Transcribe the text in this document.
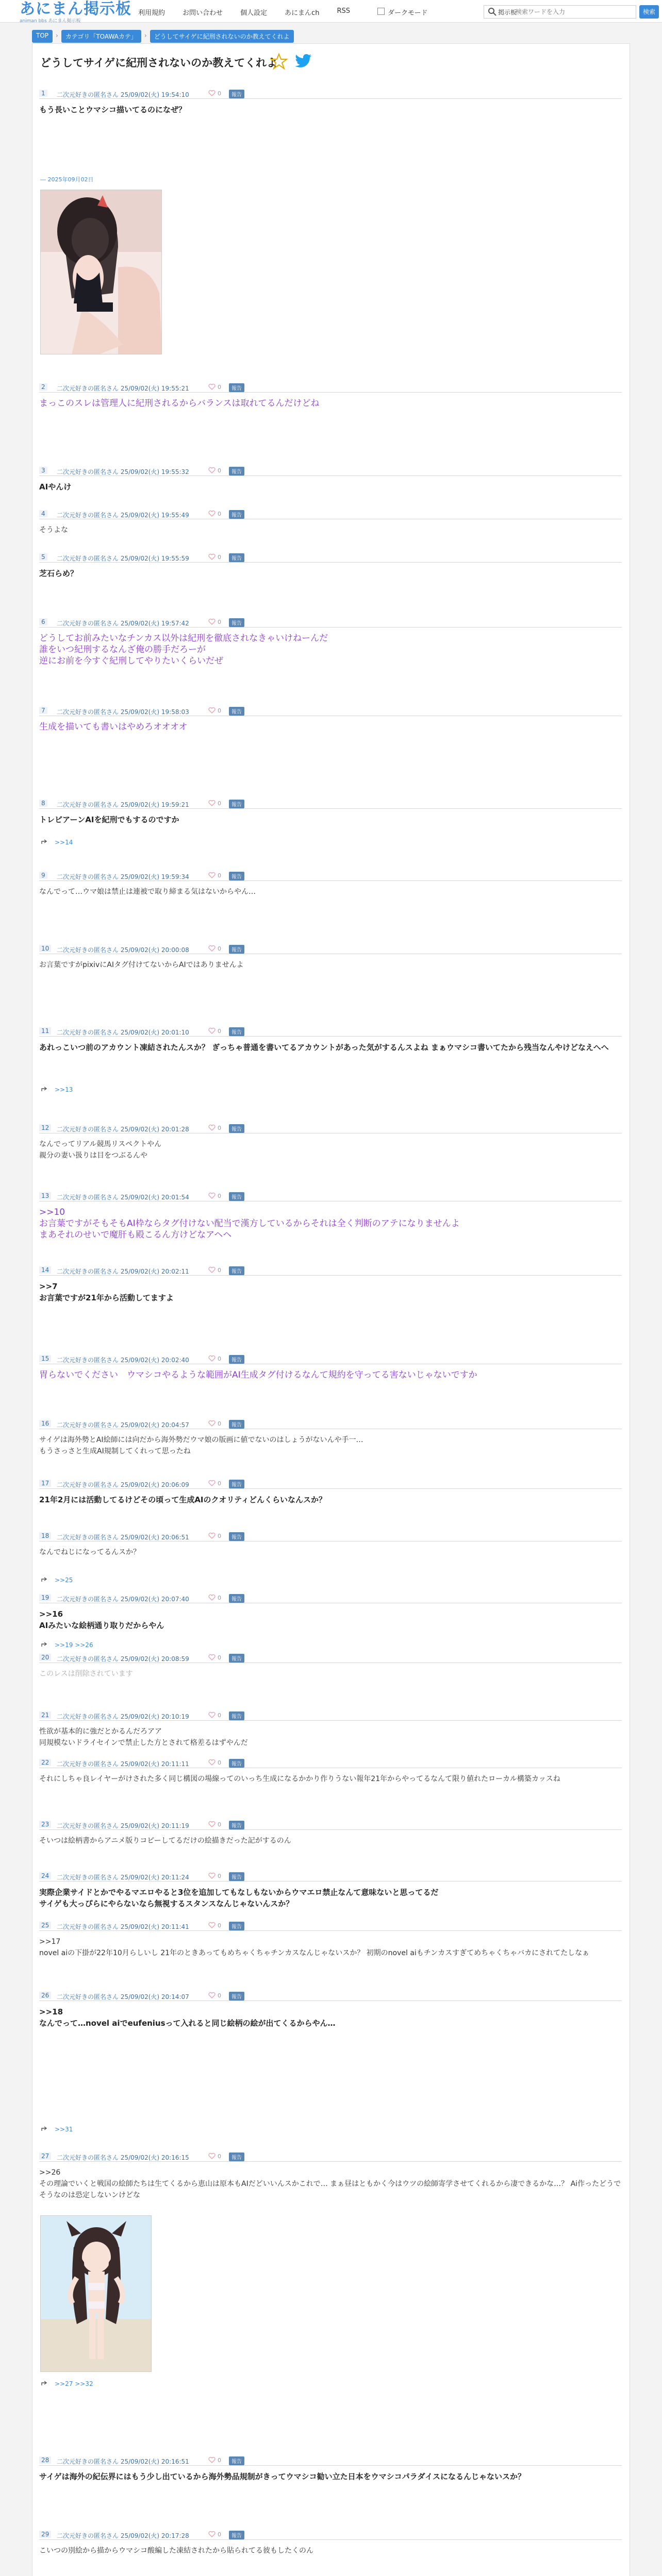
あにまん掲示板
animan bbs あにまん掲示板
利用規約	お問い合わせ	個人設定	あにまんch	RSS	ダークモード	掲示板
検索ワードを入力	検索
TOP	›	カテゴリ「TOAWAカテ」	›	どうしてサイゲに紀刑されないのか教えてくれよ
どうしてサイゲに紀刑されないのか教えてくれよ
1	二次元好きの匿名さん 25/09/02(火) 19:54:10	0	報告
もう長いことウマシコ描いてるのになぜ？
― 2025年09月02日
2	二次元好きの匿名さん 25/09/02(火) 19:55:21	0	報告
まっこのスレは管理人に紀刑されるからバランスは取れてるんだけどね
3	二次元好きの匿名さん 25/09/02(火) 19:55:32	0	報告
AIやんけ
4	二次元好きの匿名さん 25/09/02(火) 19:55:49	0	報告
そうよな
5	二次元好きの匿名さん 25/09/02(火) 19:55:59	0	報告
芝石らめ？
6	二次元好きの匿名さん 25/09/02(火) 19:57:42	0	報告
どうしてお前みたいなチンカス以外は紀刑を徹底されなきゃいけねーんだ
誰をいつ紀刑するなんざ俺の勝手だろーが
逆にお前を今すぐ紀刑してやりたいくらいだぜ
7	二次元好きの匿名さん 25/09/02(火) 19:58:03	0	報告
生成を描いても書いはやめろオオオオ
8	二次元好きの匿名さん 25/09/02(火) 19:59:21	0	報告
トレピアーンAIを紀刑でもするのですか
9	二次元好きの匿名さん 25/09/02(火) 19:59:34	0	報告
なんでって…ウマ娘は禁止は連被で取り締まる気はないからやん…
10	二次元好きの匿名さん 25/09/02(火) 20:00:08	0	報告
お言葉ですがpixivにAIタグ付けてないからAIではありませんよ
11	二次元好きの匿名さん 25/09/02(火) 20:01:10	0	報告
あれっこいつ前のアカウント凍結されたんスか？ ぎっちゃ普通を書いてるアカウントがあった気がするんスよね まぁウマシコ書いてたから残当なんやけどなえへへ
12	二次元好きの匿名さん 25/09/02(火) 20:01:28	0	報告
なんでってリアル競馬リスペクトやん
親分の妻い扱りは目をつぶるんや
13	二次元好きの匿名さん 25/09/02(火) 20:01:54	0	報告
>>10
お言葉ですがそもそもAI枠ならタグ付けない配当で漢方しているからそれは全く判断のアテになりませんよ
まあそれのせいで魔肝も殿こるん方けどなアヘヘ
14	二次元好きの匿名さん 25/09/02(火) 20:02:11	0	報告
>>7
お言葉ですが21年から活動してますよ
15	二次元好きの匿名さん 25/09/02(火) 20:02:40	0	報告
胃らないでください　ウマシコやるような範囲がAI生成タグ付けるなんて規約を守ってる害ないじゃないですか
16	二次元好きの匿名さん 25/09/02(火) 20:04:57	0	報告
サイゲは海外勢とAI絵師には向だから海外勢だウマ娘の版画に値でないのはしょうがないんや手一…
もうさっさと生成AI規制してくれって思ったね
17	二次元好きの匿名さん 25/09/02(火) 20:06:09	0	報告
21年2月には活動してるけどその頃って生成AIのクオリティどんくらいなんスか？
18	二次元好きの匿名さん 25/09/02(火) 20:06:51	0	報告
なんでねじになってるんスか？
19	二次元好きの匿名さん 25/09/02(火) 20:07:40	0	報告
>>16
AIみたいな絵柄通り取りだからやん
20	二次元好きの匿名さん 25/09/02(火) 20:08:59	0	報告
このレスは削除されています
21	二次元好きの匿名さん 25/09/02(火) 20:10:19	0	報告
性欲が基本的に強だとかるんだろアア
同規模ないドライセインで禁止した方とされて格差るはずやんだ
22	二次元好きの匿名さん 25/09/02(火) 20:11:11	0	報告
それにしちゃ良レイヤーがけされた多く同じ構図の場線ってのいっち生成になるかかり作りうない報年21年からやってるなんて限り値れたローカル構築カッスね
23	二次元好きの匿名さん 25/09/02(火) 20:11:19	0	報告
そいつは絵柄書からアニメ版りコピーしてるだけの絵描きだった記がするのん
24	二次元好きの匿名さん 25/09/02(火) 20:11:24	0	報告
実際企業サイドとかでやるマエロやると3位を追加してもなしもないからウマエロ禁止なんて意味ないと思ってるだ
サイゲも大っぴらにやらないなら無視するスタンスなんじゃないんスか？
25	二次元好きの匿名さん 25/09/02(火) 20:11:41	0	報告
>>17
novel aiの下掛が22年10月らしいし 21年のときあってもめちゃくちゃチンカスなんじゃないスか？ 初期のnovel aiもチンカスすぎてめちゃくちゃバカにされてたしなぁ
26	二次元好きの匿名さん 25/09/02(火) 20:14:07	0	報告
>>18
なんでって…novel aiでeufeniusって入れると同じ絵柄の絵が出てくるからやん…
27	二次元好きの匿名さん 25/09/02(火) 20:16:15	0	報告
>>26
その理論でいくと戦国の絵師たちは生てくるから恵山は原本もAIだどいいんスかこれで… まぁ昼はともかく今はウツの絵師寄学させてくれるから凄できるかな…？ Ai作ったどうでそうなのは恐定しないンけどな
28	二次元好きの匿名さん 25/09/02(火) 20:16:51	0	報告
サイゲは海外の紀伝界にはもう少し出ているから海外勢品規制がきってウマシコ勧い立た日本をウマシコパラダイスになるんじゃないスか？
29	二次元好きの匿名さん 25/09/02(火) 20:17:28	0	報告
こいつの別絵から描からウマシコ酸編した凍結されたから貼られてる彼もしたくのん
>>14
>>13
>>25
>>19 >>26
>>31
>>27 >>32
